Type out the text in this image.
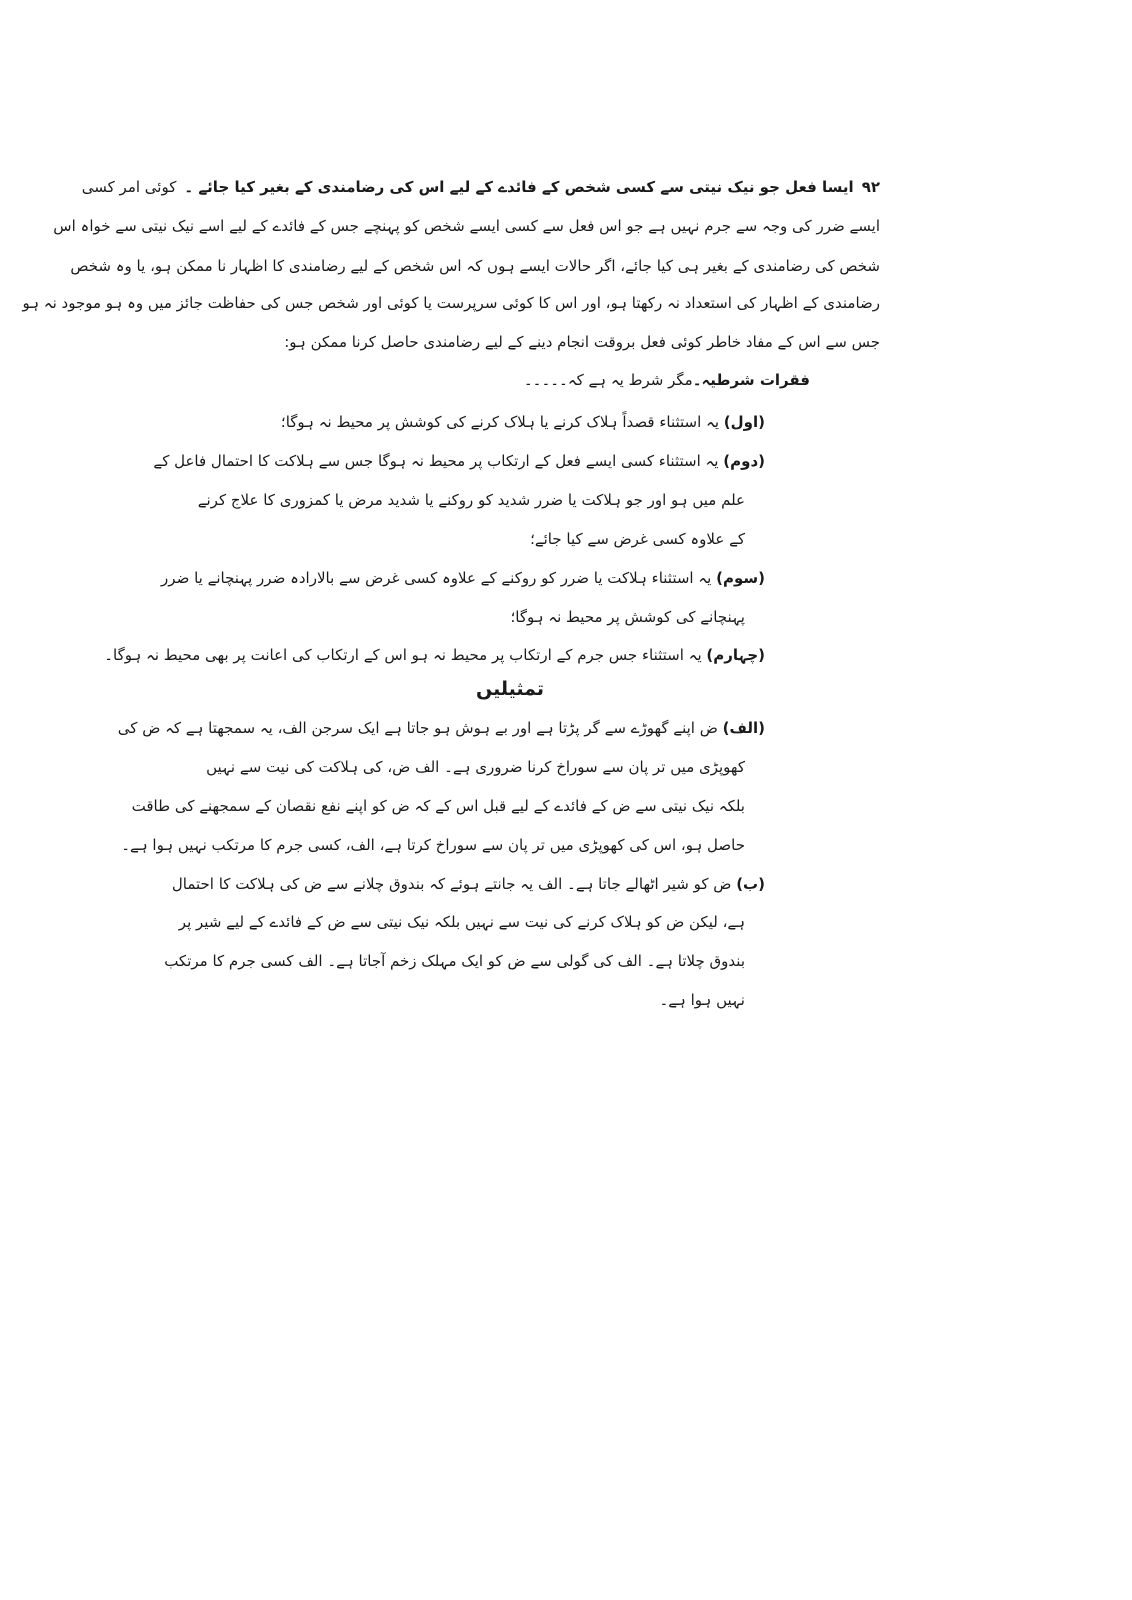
۹۲
ایسا فعل جو نیک نیتی سے کسی شخص کے فائدے کے لیے اس کی رضامندی کے بغیر کیا جائے ۔
کوئی امر کسی
ایسے ضرر کی وجہ سے جرم نہیں ہے جو اس فعل سے کسی ایسے شخص کو پہنچے جس کے فائدے کے لیے اسے نیک نیتی سے خواہ اس
شخص کی رضامندی کے بغیر ہی کیا جائے، اگر حالات ایسے ہوں کہ اس شخص کے لیے رضامندی کا اظہار نا ممکن ہو، یا وہ شخص
رضامندی کے اظہار کی استعداد نہ رکھتا ہو، اور اس کا کوئی سرپرست یا کوئی اور شخص جس کی حفاظت جائز میں وہ ہو موجود نہ ہو
جس سے اس کے مفاد خاطر کوئی فعل بروقت انجام دینے کے لیے رضامندی حاصل کرنا ممکن ہو:
فقرات شرطیہ۔مگر شرط یہ ہے کہ۔۔۔۔۔
(اول) یہ استثناء قصداً ہلاک کرنے یا ہلاک کرنے کی کوشش پر محیط نہ ہوگا؛
(دوم) یہ استثناء کسی ایسے فعل کے ارتکاب پر محیط نہ ہوگا جس سے ہلاکت کا احتمال فاعل کے
علم میں ہو اور جو ہلاکت یا ضرر شدید کو روکنے یا شدید مرض یا کمزوری کا علاج کرنے
کے علاوہ کسی غرض سے کیا جائے؛
(سوم) یہ استثناء ہلاکت یا ضرر کو روکنے کے علاوہ کسی غرض سے بالارادہ ضرر پہنچانے یا ضرر
پہنچانے کی کوشش پر محیط نہ ہوگا؛
(چہارم) یہ استثناء جس جرم کے ارتکاب پر محیط نہ ہو اس کے ارتکاب کی اعانت پر بھی محیط نہ ہوگا۔
تمثیلیں
(الف) ض اپنے گھوڑے سے گر پڑتا ہے اور بے ہوش ہو جاتا ہے ایک سرجن الف، یہ سمجھتا ہے کہ ض کی
کھوپڑی میں تر پان سے سوراخ کرنا ضروری ہے۔ الف ض، کی ہلاکت کی نیت سے نہیں
بلکہ نیک نیتی سے ض کے فائدے کے لیے قبل اس کے کہ ض کو اپنے نفع نقصان کے سمجھنے کی طاقت
حاصل ہو، اس کی کھوپڑی میں تر پان سے سوراخ کرتا ہے، الف، کسی جرم کا مرتکب نہیں ہوا ہے۔
(ب) ض کو شیر اٹھالے جاتا ہے۔ الف یہ جانتے ہوئے کہ بندوق چلانے سے ض کی ہلاکت کا احتمال
ہے، لیکن ض کو ہلاک کرنے کی نیت سے نہیں بلکہ نیک نیتی سے ض کے فائدے کے لیے شیر پر
بندوق چلاتا ہے۔ الف کی گولی سے ض کو ایک مہلک زخم آجاتا ہے۔ الف کسی جرم کا مرتکب
نہیں ہوا ہے۔
